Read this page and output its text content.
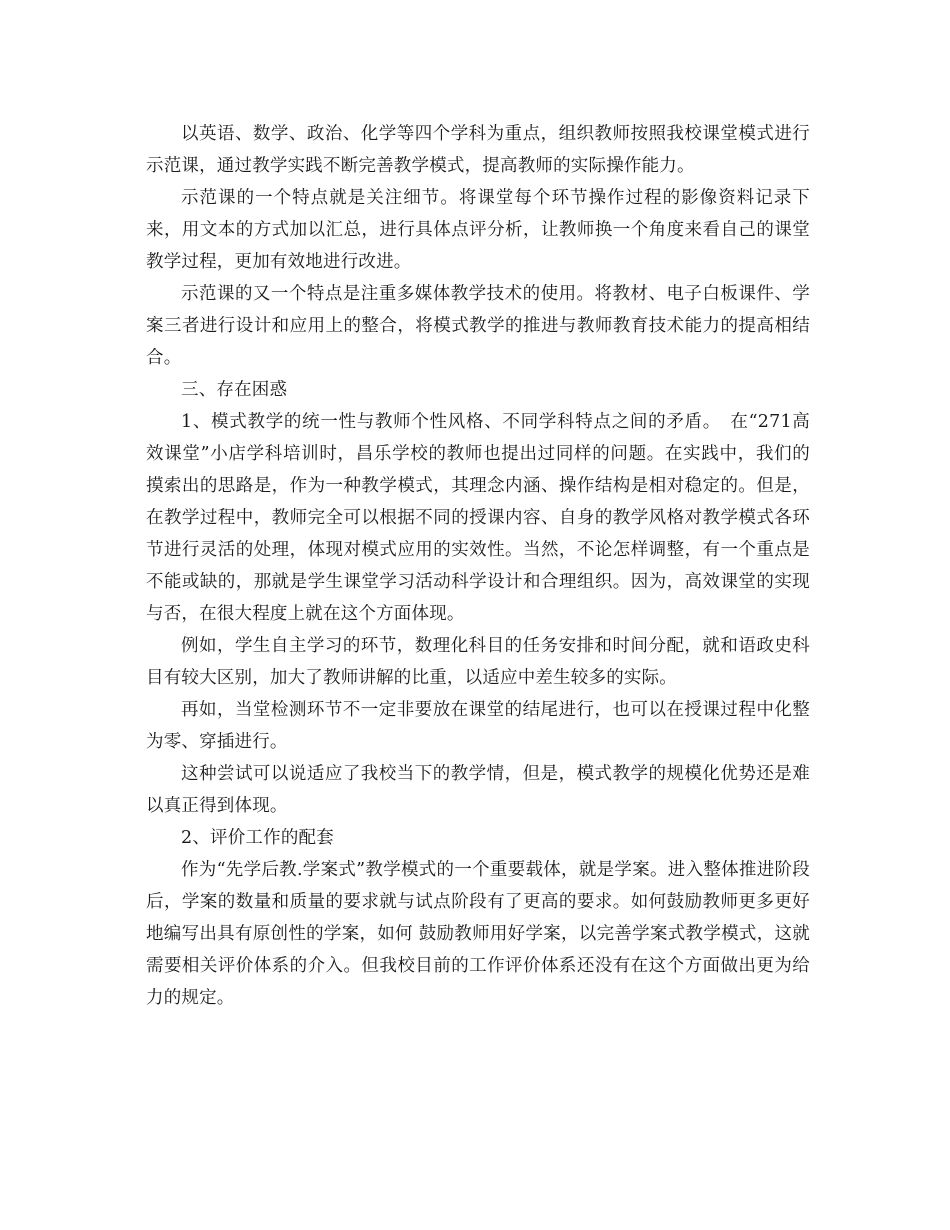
以英语、数学、政治、化学等四个学科为重点，组织教师按照我校课堂模式进行示范课，通过教学实践不断完善教学模式，提高教师的实际操作能力。

示范课的一个特点就是关注细节。将课堂每个环节操作过程的影像资料记录下来，用文本的方式加以汇总，进行具体点评分析，让教师换一个角度来看自己的课堂教学过程，更加有效地进行改进。

示范课的又一个特点是注重多媒体教学技术的使用。将教材、电子白板课件、学案三者进行设计和应用上的整合，将模式教学的推进与教师教育技术能力的提高相结合。

三、存在困惑

1、模式教学的统一性与教师个性风格、不同学科特点之间的矛盾。　在“271高效课堂”小店学科培训时，昌乐学校的教师也提出过同样的问题。在实践中，我们的摸索出的思路是，作为一种教学模式，其理念内涵、操作结构是相对稳定的。但是，在教学过程中，教师完全可以根据不同的授课内容、自身的教学风格对教学模式各环节进行灵活的处理，体现对模式应用的实效性。当然，不论怎样调整，有一个重点是不能或缺的，那就是学生课堂学习活动科学设计和合理组织。因为，高效课堂的实现与否，在很大程度上就在这个方面体现。

例如，学生自主学习的环节，数理化科目的任务安排和时间分配，就和语政史科目有较大区别，加大了教师讲解的比重，以适应中差生较多的实际。

再如，当堂检测环节不一定非要放在课堂的结尾进行，也可以在授课过程中化整为零、穿插进行。

这种尝试可以说适应了我校当下的教学情，但是，模式教学的规模化优势还是难以真正得到体现。

2、评价工作的配套

作为“先学后教.学案式”教学模式的一个重要载体，就是学案。进入整体推进阶段后，学案的数量和质量的要求就与试点阶段有了更高的要求。如何鼓励教师更多更好地编写出具有原创性的学案，如何 鼓励教师用好学案，以完善学案式教学模式，这就需要相关评价体系的介入。但我校目前的工作评价体系还没有在这个方面做出更为给力的规定。
